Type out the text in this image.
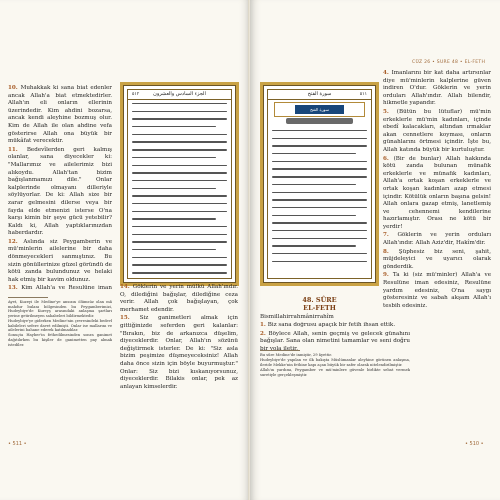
10. Muhakkak ki sana biat edenler ancak Allah'a biat etmektedirler. Allah'ın eli onların ellerinin üzerindedir. Kim ahdini bozarsa, ancak kendi aleyhine bozmuş olur. Kim de Allah ile olan ahdine vefa gösterirse Allah ona büyük bir mükâfat verecektir.

11. Bedevîlerden geri kalmış olanlar, sana diyecekler ki: "Mallarımız ve ailelerimiz bizi alıkoydu. Allah'tan bizim bağışlanmamızı dile." Onlar kalplerinde olmayanı dilleriyle söylüyorlar. De ki: Allah size bir zarar gelmesini dilerse veya bir fayda elde etmenizi isterse O'na karşı kimin bir şeye gücü yetebilir? Kaldı ki, Allah yaptıklarınızdan haberdardır.

12. Aslında siz Peygamberin ve mü'minlerin ailelerine bir daha dönmeyecekleri sanmıştınız. Bu sizin gönüllerinize güzel göründü de kötü zanda bulundunuz ve helaki hak etmiş bir kavim oldunuz.

13. Kim Allah'a ve Resulüne iman

٥١٢	الجزء السادس والعشرون

14. Göklerin ve yerin mülkü Allah'ındır. O, dilediğini bağışlar, dilediğine ceza verir. Allah çok bağışlayan, çok merhamet edendir.

15. Siz ganimetleri almak için gittiğinizde seferden geri kalanlar: "Bırakın, biz de arkanızca düşelim, diyeceklerdir. Onlar, Allah'ın sözünü değiştirmek isterler. De ki: "Siz asla bizim peşimize düşmeyeceksiniz! Allah daha önce sizin için böyle buyurmuştur." Onlar: Siz bizi kıskanıyorsunuz, diyeceklerdir. Bilakis onlar, pek az anlayan kimselerdir.

Ayet, Kuzeyi ile Medine'ye ansızın ölümsüz olan mâ mahdur bulanı bölgesinden bu Peygamberimizi, Hudeybiye'de Kureyş arasındaki anlaşma şartları yerine getirilmeyen sahabeleri bildirmektedir.

Hudeybiye'ye giderken Medine'nin çevresindeki bedevî kabileleri sefere davet edilmişti. Onlar ise mallarını ve ailelerini bahane ederek katılmadılar.

Sonuçta Hayber'in fethedilmesinden sonra ganimet dağıtılırken bu kişiler de ganimetten pay almak istediler.

• 511 •
CÜZ 26 • SURE 48 • EL-FETH
سورة الفتح	٥١١
سورة الفتح
48. SÛRE
EL-FETH

Bismillahirrahmânirrahîm

1. Biz sana doğrusu apaçık bir fetih ihsan ettik.

2. Böylece Allah, senin geçmiş ve gelecek günahını bağışlar. Sana olan nimetini tamamlar ve seni doğru bir yola iletir.

Bu sûre Medine'de inmiştir, 29 âyettir.

Hudeybiye'de yapılan ve ilk bakışta Müslümanlar aleyhine görünen anlaşma, ileride Mekke'nin fethine kapı açan büyük bir zafer olarak nitelendirilmiştir.

Allah'ın yardımı, Peygamber ve mü'minlere güvenle birlikte sebat vermek suretiyle gerçekleşmiştir.

4. İmanlarını bir kat daha artırsınlar diye mü'minlerin kalplerine güven indiren O'dur. Göklerin ve yerin orduları Allah'ındır. Allah bilendir, hikmetle yapandır.

5. (Bütün bu lütuflar) mü'min erkeklerle mü'min kadınları, içinde ebedî kalacakları, altından ırmaklar akan cennetlere koyması, onların günahlarını örtmesi içindir. İşte bu, Allah katında büyük bir kurtuluştur.

6. (Bir de bunlar) Allah hakkında kötü zanda bulunan münafık erkeklerle ve münafık kadınları, Allah'a ortak koşan erkeklerle ve ortak koşan kadınları azap etmesi içindir. Kötülük onların başına gelsin! Allah onlara gazap etmiş, lanetlemiş ve cehennemi kendilerine hazırlamıştır. Orası ne kötü bir yerdir!

7. Göklerin ve yerin orduları Allah'ındır. Allah Aziz'dir, Hakîm'dir.

8. Şüphesiz biz seni, şahit, müjdeleyici ve uyarıcı olarak gönderdik.

9. Ta ki (siz mü'minler) Allah'a ve Resulüne iman edesiniz, Resulüne yardım edesiniz, O'na saygı gösteresiniz ve sabah akşam Allah'ı tesbih edesiniz.

• 510 •
